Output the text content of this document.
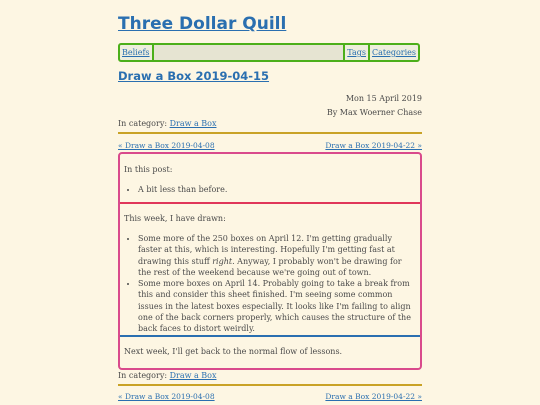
Three Dollar Quill
Beliefs	Tags Categories
Draw a Box 2019-04-15
Mon 15 April 2019
By Max Woerner Chase
In category: Draw a Box
« Draw a Box 2019-04-08	Draw a Box 2019-04-22 »

In this post:

• A bit less than before.

This week, I have drawn:

• Some more of the 250 boxes on April 12. I'm getting gradually faster at this, which is interesting. Hopefully I'm getting fast at drawing this stuff right. Anyway, I probably won't be drawing for the rest of the weekend because we're going out of town.
• Some more boxes on April 14. Probably going to take a break from this and consider this sheet finished. I'm seeing some common issues in the latest boxes especially. It looks like I'm failing to align one of the back corners properly, which causes the structure of the back faces to distort weirdly.

Next week, I'll get back to the normal flow of lessons.

In category: Draw a Box
« Draw a Box 2019-04-08	Draw a Box 2019-04-22 »
